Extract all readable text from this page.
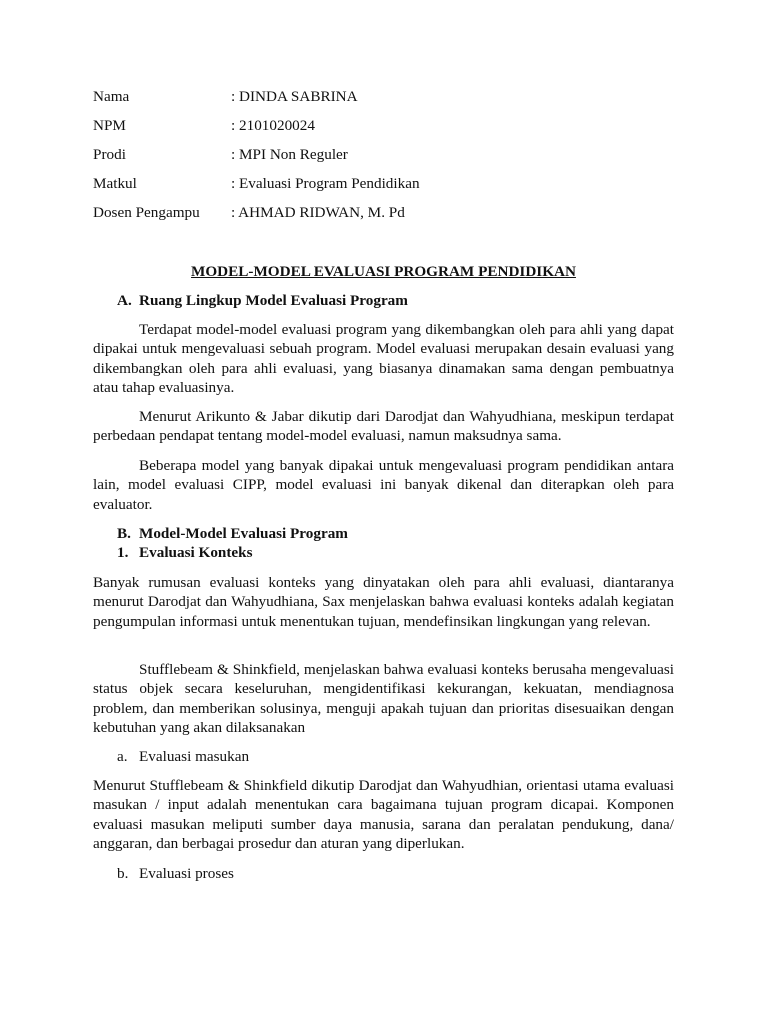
Nama	: DINDA SABRINA
NPM	: 2101020024
Prodi	: MPI Non Reguler
Matkul	: Evaluasi Program Pendidikan
Dosen Pengampu : AHMAD RIDWAN, M. Pd
MODEL-MODEL EVALUASI PROGRAM PENDIDIKAN
A. Ruang Lingkup Model Evaluasi Program

Terdapat model-model evaluasi program yang dikembangkan oleh para ahli yang dapat dipakai untuk mengevaluasi sebuah program. Model evaluasi merupakan desain evaluasi yang dikembangkan oleh para ahli evaluasi, yang biasanya dinamakan sama dengan pembuatnya atau tahap evaluasinya.

Menurut Arikunto & Jabar dikutip dari Darodjat dan Wahyudhiana, meskipun terdapat perbedaan pendapat tentang model-model evaluasi, namun maksudnya sama.

Beberapa model yang banyak dipakai untuk mengevaluasi program pendidikan antara lain, model evaluasi CIPP, model evaluasi ini banyak dikenal dan diterapkan oleh para evaluator.

B. Model-Model Evaluasi Program
1. Evaluasi Konteks

Banyak rumusan evaluasi konteks yang dinyatakan oleh para ahli evaluasi, diantaranya menurut Darodjat dan Wahyudhiana, Sax menjelaskan bahwa evaluasi konteks adalah kegiatan pengumpulan informasi untuk menentukan tujuan, mendefinsikan lingkungan yang relevan.

Stufflebeam & Shinkfield, menjelaskan bahwa evaluasi konteks berusaha mengevaluasi status objek secara keseluruhan, mengidentifikasi kekurangan, kekuatan, mendiagnosa problem, dan memberikan solusinya, menguji apakah tujuan dan prioritas disesuaikan dengan kebutuhan yang akan dilaksanakan

a. Evaluasi masukan

Menurut Stufflebeam & Shinkfield dikutip Darodjat dan Wahyudhian, orientasi utama evaluasi masukan / input adalah menentukan cara bagaimana tujuan program dicapai. Komponen evaluasi masukan meliputi sumber daya manusia, sarana dan peralatan pendukung, dana/ anggaran, dan berbagai prosedur dan aturan yang diperlukan.

b. Evaluasi proses
